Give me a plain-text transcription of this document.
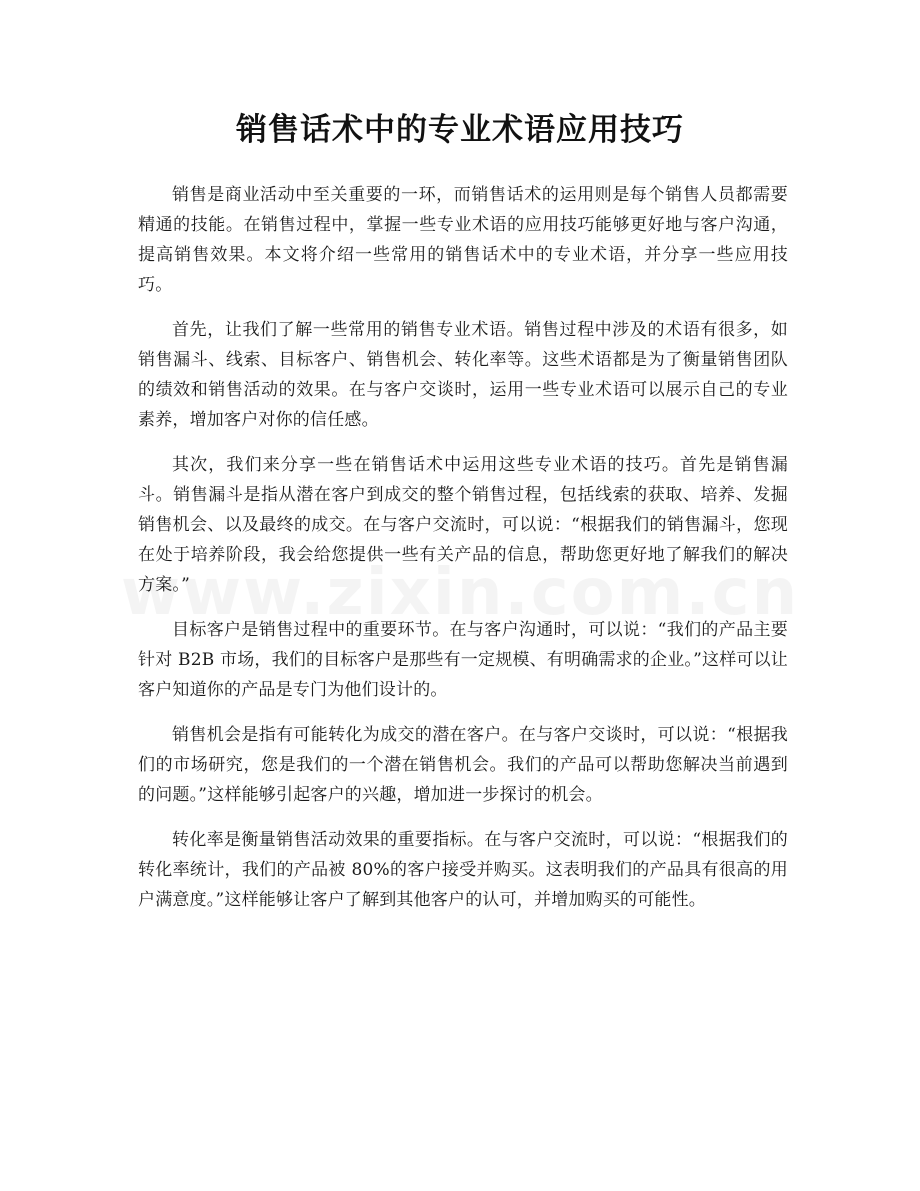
销售话术中的专业术语应用技巧

销售是商业活动中至关重要的一环，而销售话术的运用则是每个销售人员都需要精通的技能。在销售过程中，掌握一些专业术语的应用技巧能够更好地与客户沟通，提高销售效果。本文将介绍一些常用的销售话术中的专业术语，并分享一些应用技巧。

首先，让我们了解一些常用的销售专业术语。销售过程中涉及的术语有很多，如销售漏斗、线索、目标客户、销售机会、转化率等。这些术语都是为了衡量销售团队的绩效和销售活动的效果。在与客户交谈时，运用一些专业术语可以展示自己的专业素养，增加客户对你的信任感。

其次，我们来分享一些在销售话术中运用这些专业术语的技巧。首先是销售漏斗。销售漏斗是指从潜在客户到成交的整个销售过程，包括线索的获取、培养、发掘销售机会、以及最终的成交。在与客户交流时，可以说：“根据我们的销售漏斗，您现在处于培养阶段，我会给您提供一些有关产品的信息，帮助您更好地了解我们的解决方案。”

目标客户是销售过程中的重要环节。在与客户沟通时，可以说：“我们的产品主要针对 B2B 市场，我们的目标客户是那些有一定规模、有明确需求的企业。”这样可以让客户知道你的产品是专门为他们设计的。

销售机会是指有可能转化为成交的潜在客户。在与客户交谈时，可以说：“根据我们的市场研究，您是我们的一个潜在销售机会。我们的产品可以帮助您解决当前遇到的问题。”这样能够引起客户的兴趣，增加进一步探讨的机会。

转化率是衡量销售活动效果的重要指标。在与客户交流时，可以说：“根据我们的转化率统计，我们的产品被 80%的客户接受并购买。这表明我们的产品具有很高的用户满意度。”这样能够让客户了解到其他客户的认可，并增加购买的可能性。
